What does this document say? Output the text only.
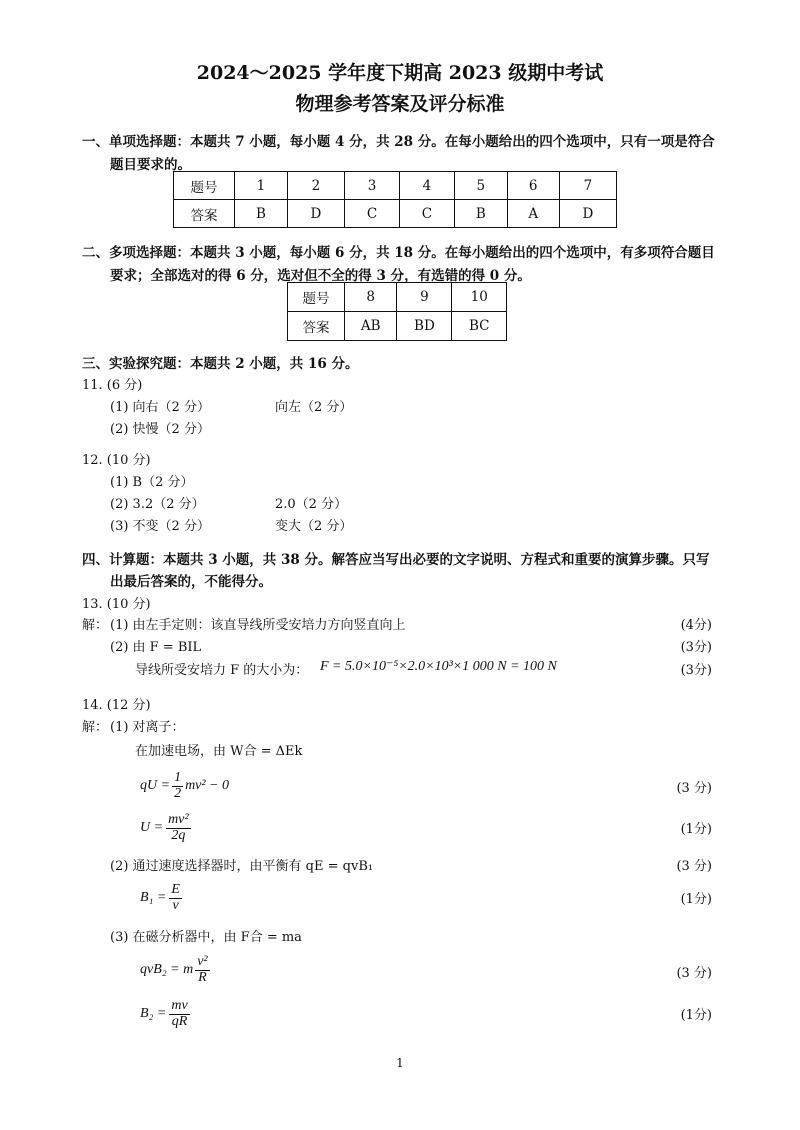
2024～2025 学年度下期高 2023 级期中考试
物理参考答案及评分标准
一、单项选择题：本题共 7 小题，每小题 4 分，共 28 分。在每小题给出的四个选项中，只有一项是符合
题目要求的。
题号	1	2	3	4	5	6	7
答案	B	D	C	C	B	A	D
二、多项选择题：本题共 3 小题，每小题 6 分，共 18 分。在每小题给出的四个选项中，有多项符合题目
要求；全部选对的得 6 分，选对但不全的得 3 分，有选错的得 0 分。
题号	8	9	10
答案	AB	BD	BC
三、实验探究题：本题共 2 小题，共 16 分。
11. (6 分)
(1) 向右（2 分）	向左（2 分）
(2) 快慢（2 分）
12. (10 分)
(1) B（2 分）
(2) 3.2（2 分）	2.0（2 分）
(3) 不变（2 分）	变大（2 分）
四、计算题：本题共 3 小题，共 38 分。解答应当写出必要的文字说明、方程式和重要的演算步骤。只写
出最后答案的，不能得分。
13. (10 分)
解： (1) 由左手定则：该直导线所受安培力方向竖直向上	(4分)
(2) 由 F = BIL	(3分)
导线所受安培力 F 的大小为： F = 5.0×10⁻⁵×2.0×10³×1 000 N = 100 N	(3分)
14. (12 分)
解： (1) 对离子：
在加速电场，由 W合 = ΔEk
qU = $\frac{1}{2} mv^2 - 0$	(3 分)
$U = \frac{\text{mv²}}{2q}$	(1分)
(2) 通过速度选择器时，由平衡有 qE = qvB₁	(3 分)
$B_1 = \frac{E}{v}$	(1分)
(3) 在磁分析器中，由 F合 = ma
qvB₂ = m $\frac{\text{v²}}{R}$	(3 分)
$B_2 = \frac{mv}{qR}$	(1分)
1
